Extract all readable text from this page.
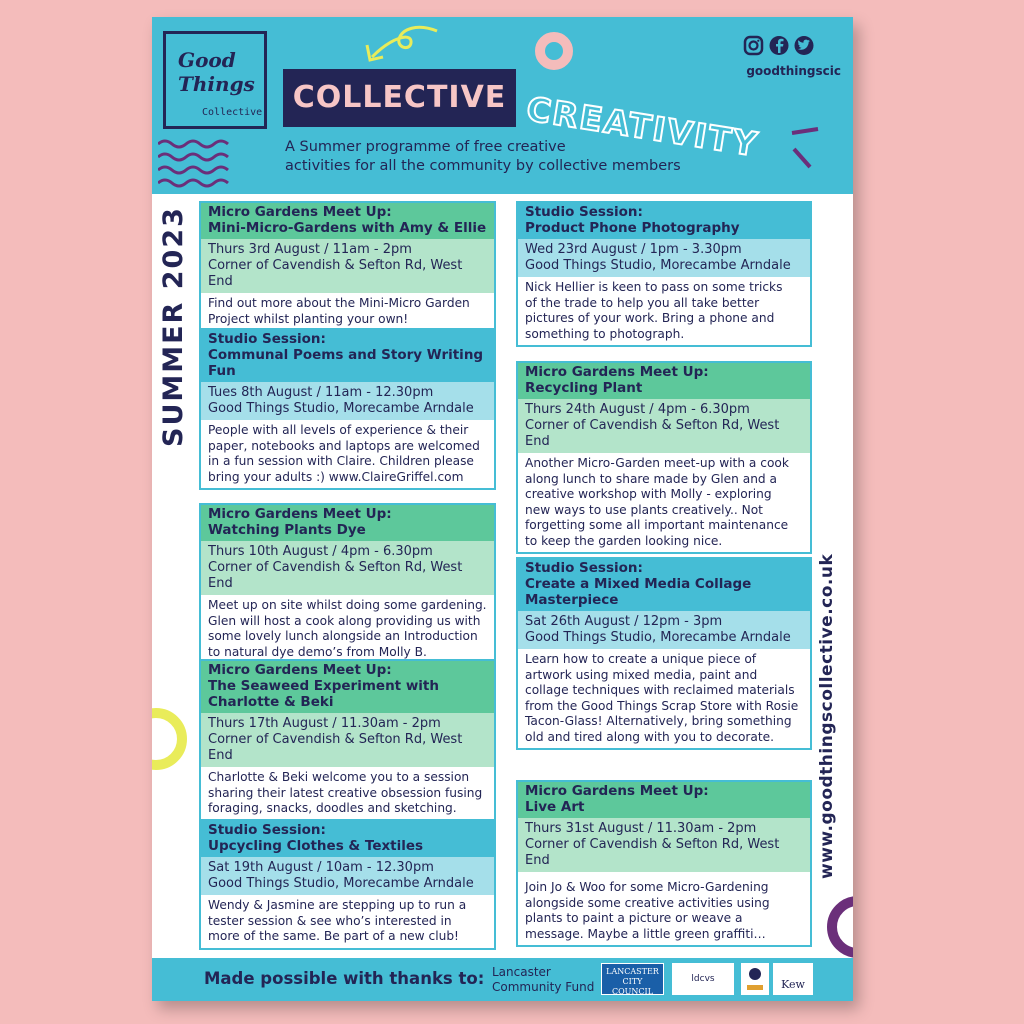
Good
Things
Collective	COLLECTIVE CREATIVITY
goodthingscic
A Summer programme of free creative
activities for all the community by collective members
SUMMER 2023
www.goodthingscollective.co.uk
Micro Gardens Meet Up:
Mini-Micro-Gardens with Amy & Ellie
Thurs 3rd August / 11am - 2pm
Corner of Cavendish & Sefton Rd, West End
Find out more about the Mini-Micro Garden
Project whilst planting your own!
Studio Session:
Communal Poems and Story Writing
Fun
Tues 8th August / 11am - 12.30pm
Good Things Studio, Morecambe Arndale
People with all levels of experience & their
paper, notebooks and laptops are welcomed
in a fun session with Claire. Children please
bring your adults :) www.ClaireGriffel.com
Micro Gardens Meet Up:
Watching Plants Dye
Thurs 10th August / 4pm - 6.30pm
Corner of Cavendish & Sefton Rd, West End
Meet up on site whilst doing some gardening.
Glen will host a cook along providing us with
some lovely lunch alongside an Introduction
to natural dye demo’s from Molly B.
Micro Gardens Meet Up:
The Seaweed Experiment with
Charlotte & Beki
Thurs 17th August / 11.30am - 2pm
Corner of Cavendish & Sefton Rd, West End
Charlotte & Beki welcome you to a session
sharing their latest creative obsession fusing
foraging, snacks, doodles and sketching.
Studio Session:
Upcycling Clothes & Textiles
Sat 19th August / 10am - 12.30pm
Good Things Studio, Morecambe Arndale
Wendy & Jasmine are stepping up to run a
tester session & see who’s interested in
more of the same. Be part of a new club!
Studio Session:
Product Phone Photography
Wed 23rd August / 1pm - 3.30pm
Good Things Studio, Morecambe Arndale
Nick Hellier is keen to pass on some tricks
of the trade to help you all take better
pictures of your work. Bring a phone and
something to photograph.
Micro Gardens Meet Up:
Recycling Plant
Thurs 24th August / 4pm - 6.30pm
Corner of Cavendish & Sefton Rd, West End
Another Micro-Garden meet-up with a cook
along lunch to share made by Glen and a
creative workshop with Molly - exploring
new ways to use plants creatively.. Not
forgetting some all important maintenance
to keep the garden looking nice.
Studio Session:
Create a Mixed Media Collage
Masterpiece
Sat 26th August / 12pm - 3pm
Good Things Studio, Morecambe Arndale
Learn how to create a unique piece of
artwork using mixed media, paint and
collage techniques with reclaimed materials
from the Good Things Scrap Store with Rosie
Tacon-Glass! Alternatively, bring something
old and tired along with you to decorate.
Micro Gardens Meet Up:
Live Art
Thurs 31st August / 11.30am - 2pm
Corner of Cavendish & Sefton Rd, West End
Join Jo & Woo for some Micro-Gardening
alongside some creative activities using
plants to paint a picture or weave a
message. Maybe a little green graffiti…
Made possible with thanks to: Lancaster
Community Fund
LANCASTER
CITY COUNCIL
ldcvs	Kew
